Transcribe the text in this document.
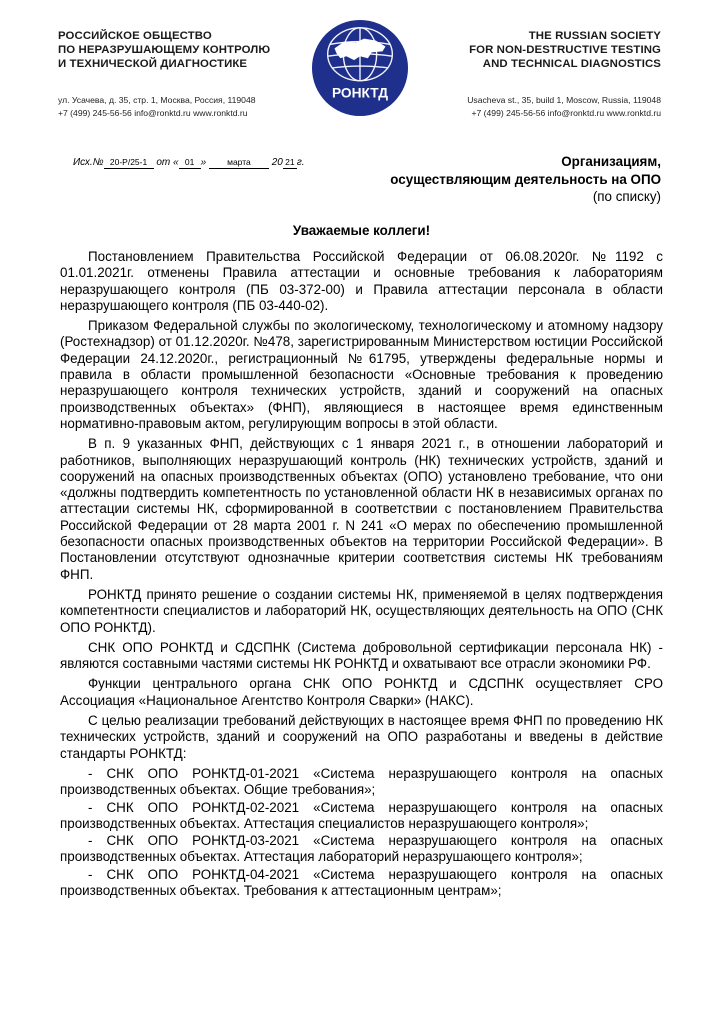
РОССИЙСКОЕ ОБЩЕСТВО
ПО НЕРАЗРУШАЮЩЕМУ КОНТРОЛЮ
И ТЕХНИЧЕСКОЙ ДИАГНОСТИКЕ
РОНКТД
THE RUSSIAN SOCIETY
FOR NON-DESTRUCTIVE TESTING
AND TECHNICAL DIAGNOSTICS
ул. Усачева, д. 35, стр. 1, Москва, Россия, 119048
+7 (499) 245-56-56 info@ronktd.ru www.ronktd.ru
Usacheva st., 35, build 1, Moscow, Russia, 119048
+7 (499) 245-56-56 info@ronktd.ru www.ronktd.ru
Исх.№ 20-Р/25-1 от « 01 » марта 20 21 г.	Организациям,
осуществляющим деятельность на ОПО
(по списку)
Уважаемые коллеги!

Постановлением Правительства Российской Федерации от 06.08.2020г. №1192 с 01.01.2021г. отменены Правила аттестации и основные требования к лабораториям неразрушающего контроля (ПБ 03-372-00) и Правила аттестации персонала в области неразрушающего контроля (ПБ 03-440-02).

Приказом Федеральной службы по экологическому, технологическому и атомному надзору (Ростехнадзор) от 01.12.2020г. №478, зарегистрированным Министерством юстиции Российской Федерации 24.12.2020г., регистрационный №61795, утверждены федеральные нормы и правила в области промышленной безопасности «Основные требования к проведению неразрушающего контроля технических устройств, зданий и сооружений на опасных производственных объектах» (ФНП), являющиеся в настоящее время единственным нормативно-правовым актом, регулирующим вопросы в этой области.

В п. 9 указанных ФНП, действующих с 1 января 2021 г., в отношении лабораторий и работников, выполняющих неразрушающий контроль (НК) технических устройств, зданий и сооружений на опасных производственных объектах (ОПО) установлено требование, что они «должны подтвердить компетентность по установленной области НК в независимых органах по аттестации системы НК, сформированной в соответствии с постановлением Правительства Российской Федерации от 28 марта 2001 г. N 241 «О мерах по обеспечению промышленной безопасности опасных производственных объектов на территории Российской Федерации». В Постановлении отсутствуют однозначные критерии соответствия системы НК требованиям ФНП.

РОНКТД принято решение о создании системы НК, применяемой в целях подтверждения компетентности специалистов и лабораторий НК, осуществляющих деятельность на ОПО (СНК ОПО РОНКТД).

СНК ОПО РОНКТД и СДСПНК (Система добровольной сертификации персонала НК) - являются составными частями системы НК РОНКТД и охватывают все отрасли экономики РФ.

Функции центрального органа СНК ОПО РОНКТД и СДСПНК осуществляет СРО Ассоциация «Национальное Агентство Контроля Сварки» (НАКС).

С целью реализации требований действующих в настоящее время ФНП по проведению НК технических устройств, зданий и сооружений на ОПО разработаны и введены в действие стандарты РОНКТД:

- СНК ОПО РОНКТД-01-2021 «Система неразрушающего контроля на опасных производственных объектах. Общие требования»;

- СНК ОПО РОНКТД-02-2021 «Система неразрушающего контроля на опасных производственных объектах. Аттестация специалистов неразрушающего контроля»;

- СНК ОПО РОНКТД-03-2021 «Система неразрушающего контроля на опасных производственных объектах. Аттестация лабораторий неразрушающего контроля»;

- СНК ОПО РОНКТД-04-2021 «Система неразрушающего контроля на опасных производственных объектах. Требования к аттестационным центрам»;
